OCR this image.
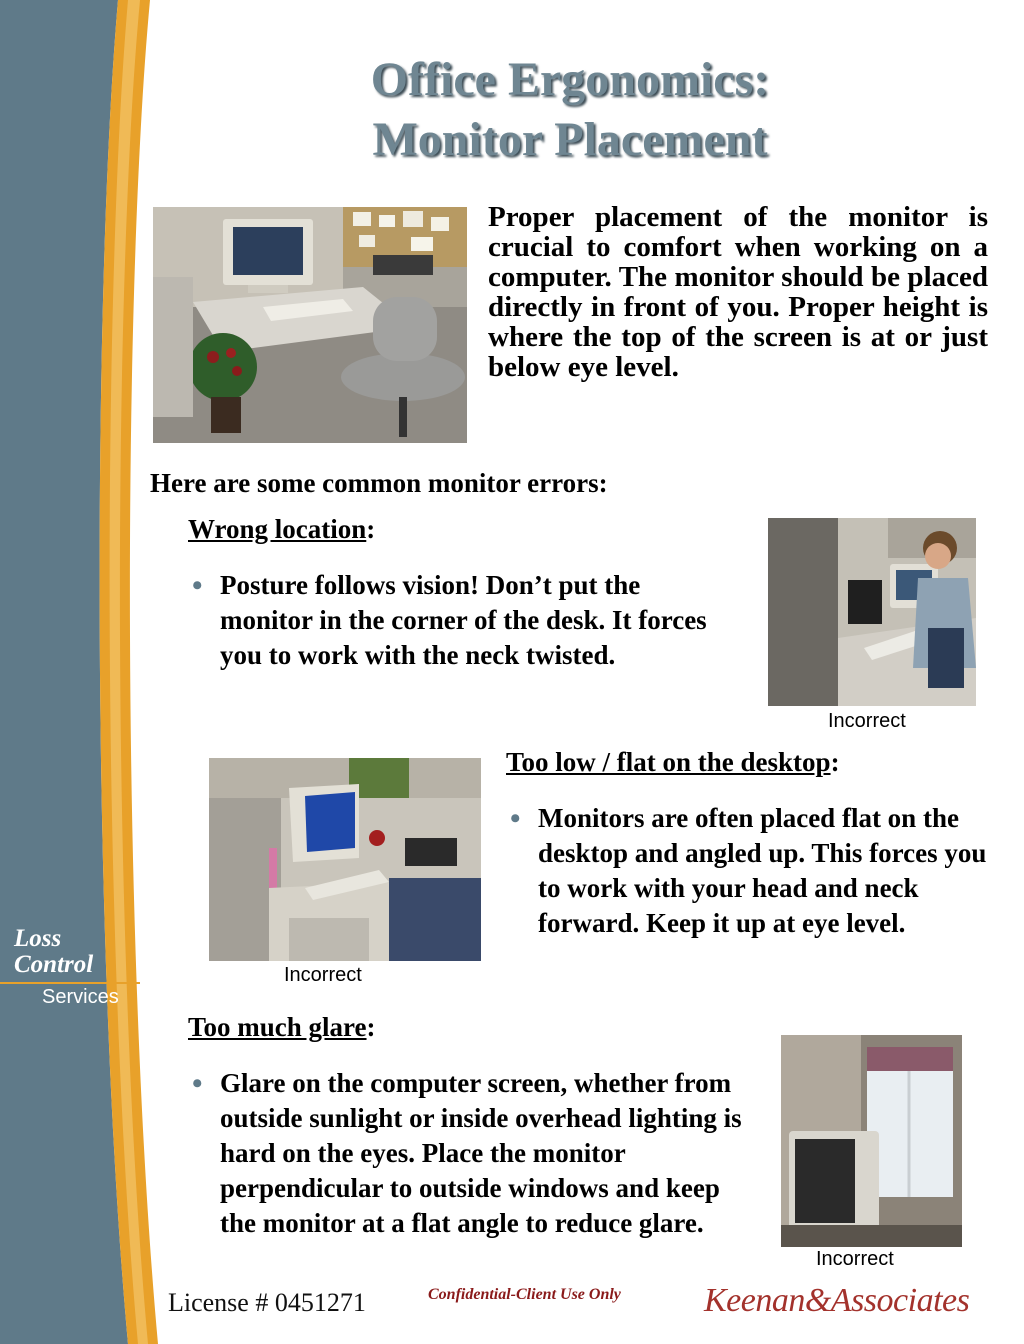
Loss
Control
Services
Office Ergonomics:
Monitor Placement
Proper placement of the monitor is crucial to comfort when working on a computer. The monitor should be placed directly in front of you. Proper height is where the top of the screen is at or just below eye level.
Here are some common monitor errors:
Wrong location:
• Posture follows vision! Don’t put the monitor in the corner of the desk. It forces you to work with the neck twisted.
Incorrect
Incorrect
Too low / flat on the desktop:
• Monitors are often placed flat on the desktop and angled up. This forces you to work with your head and neck forward. Keep it up at eye level.
Too much glare:
• Glare on the computer screen, whether from outside sunlight or inside overhead lighting is hard on the eyes. Place the monitor perpendicular to outside windows and keep the monitor at a flat angle to reduce glare.
Incorrect
License # 0451271	Confidential-Client Use Only Keenan&Associates
